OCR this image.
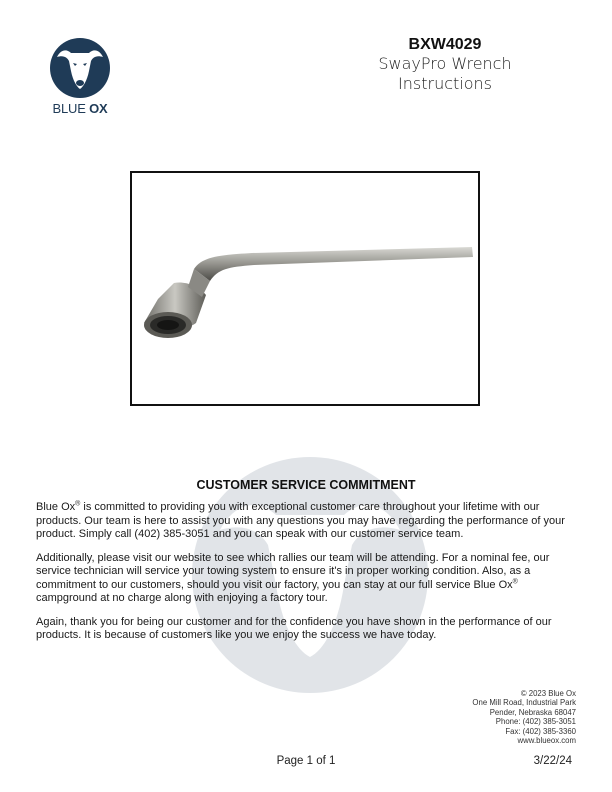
BLUE OX
BXW4029
SwayPro Wrench
Instructions
CUSTOMER SERVICE COMMITMENT

Blue Ox® is committed to providing you with exceptional customer care throughout your lifetime with our products. Our team is here to assist you with any questions you may have regarding the performance of your product. Simply call (402) 385-3051 and you can speak with our customer service team.

Additionally, please visit our website to see which rallies our team will be attending. For a nominal fee, our service technician will service your towing system to ensure it's in proper working condition. Also, as a commitment to our customers, should you visit our factory, you can stay at our full service Blue Ox® campground at no charge along with enjoying a factory tour.

Again, thank you for being our customer and for the confidence you have shown in the performance of our products. It is because of customers like you we enjoy the success we have today.

© 2023 Blue Ox
One Mill Road, Industrial Park
Pender, Nebraska 68047
Phone: (402) 385-3051
Fax: (402) 385-3360
www.blueox.com
Page 1 of 1	3/22/24
